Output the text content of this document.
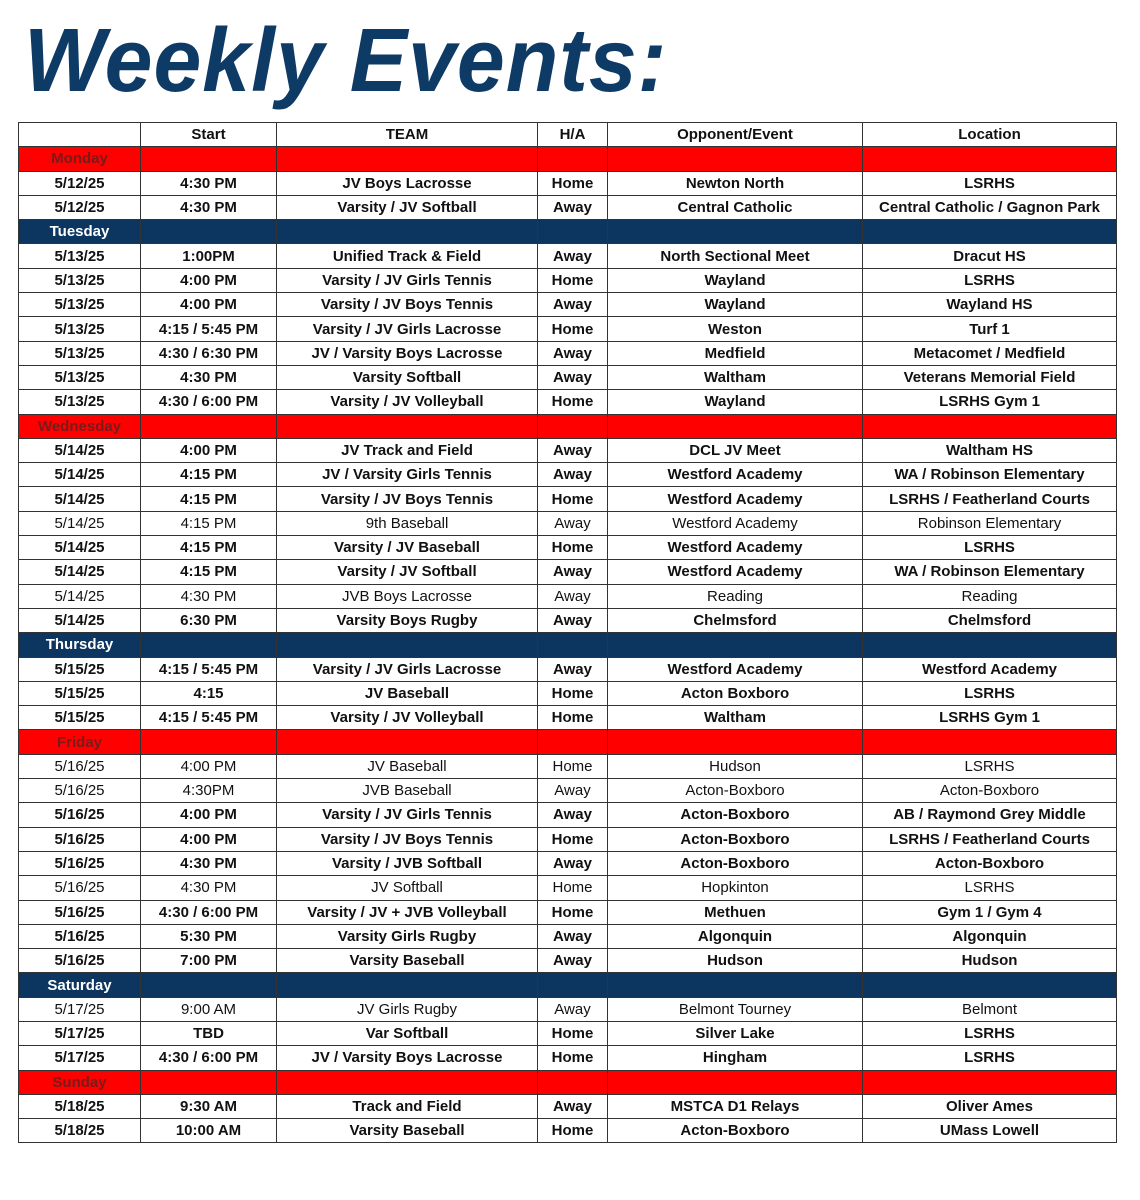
Weekly Events:
	Start	TEAM	H/A	Opponent/Event	Location
Monday					
5/12/25	4:30 PM	JV Boys Lacrosse	Home	Newton North	LSRHS
5/12/25	4:30 PM	Varsity / JV Softball	Away	Central Catholic	Central Catholic / Gagnon Park
Tuesday					
5/13/25	1:00PM	Unified Track & Field	Away	North Sectional Meet	Dracut HS
5/13/25	4:00 PM	Varsity / JV Girls Tennis	Home	Wayland	LSRHS
5/13/25	4:00 PM	Varsity / JV Boys Tennis	Away	Wayland	Wayland HS
5/13/25	4:15 / 5:45 PM	Varsity / JV Girls Lacrosse	Home	Weston	Turf 1
5/13/25	4:30 / 6:30 PM	JV / Varsity Boys Lacrosse	Away	Medfield	Metacomet / Medfield
5/13/25	4:30 PM	Varsity Softball	Away	Waltham	Veterans Memorial Field
5/13/25	4:30 / 6:00 PM	Varsity / JV Volleyball	Home	Wayland	LSRHS Gym 1
Wednesday					
5/14/25	4:00 PM	JV Track and Field	Away	DCL JV Meet	Waltham HS
5/14/25	4:15 PM	JV / Varsity Girls Tennis	Away	Westford Academy	WA / Robinson Elementary
5/14/25	4:15 PM	Varsity / JV Boys Tennis	Home	Westford Academy	LSRHS / Featherland Courts
5/14/25	4:15 PM	9th Baseball	Away	Westford Academy	Robinson Elementary
5/14/25	4:15 PM	Varsity / JV Baseball	Home	Westford Academy	LSRHS
5/14/25	4:15 PM	Varsity / JV Softball	Away	Westford Academy	WA / Robinson Elementary
5/14/25	4:30 PM	JVB Boys Lacrosse	Away	Reading	Reading
5/14/25	6:30 PM	Varsity Boys Rugby	Away	Chelmsford	Chelmsford
Thursday					
5/15/25	4:15 / 5:45 PM	Varsity / JV Girls Lacrosse	Away	Westford Academy	Westford Academy
5/15/25	4:15	JV Baseball	Home	Acton Boxboro	LSRHS
5/15/25	4:15 / 5:45 PM	Varsity / JV Volleyball	Home	Waltham	LSRHS Gym 1
Friday					
5/16/25	4:00 PM	JV Baseball	Home	Hudson	LSRHS
5/16/25	4:30PM	JVB Baseball	Away	Acton-Boxboro	Acton-Boxboro
5/16/25	4:00 PM	Varsity / JV Girls Tennis	Away	Acton-Boxboro	AB / Raymond Grey Middle
5/16/25	4:00 PM	Varsity / JV Boys Tennis	Home	Acton-Boxboro	LSRHS / Featherland Courts
5/16/25	4:30 PM	Varsity / JVB Softball	Away	Acton-Boxboro	Acton-Boxboro
5/16/25	4:30 PM	JV Softball	Home	Hopkinton	LSRHS
5/16/25	4:30 / 6:00 PM	Varsity / JV + JVB Volleyball	Home	Methuen	Gym 1 / Gym 4
5/16/25	5:30 PM	Varsity Girls Rugby	Away	Algonquin	Algonquin
5/16/25	7:00 PM	Varsity Baseball	Away	Hudson	Hudson
Saturday					
5/17/25	9:00 AM	JV Girls Rugby	Away	Belmont Tourney	Belmont
5/17/25	TBD	Var Softball	Home	Silver Lake	LSRHS
5/17/25	4:30 / 6:00 PM	JV / Varsity Boys Lacrosse	Home	Hingham	LSRHS
Sunday					
5/18/25	9:30 AM	Track and Field	Away	MSTCA D1 Relays	Oliver Ames
5/18/25	10:00 AM	Varsity Baseball	Home	Acton-Boxboro	UMass Lowell
